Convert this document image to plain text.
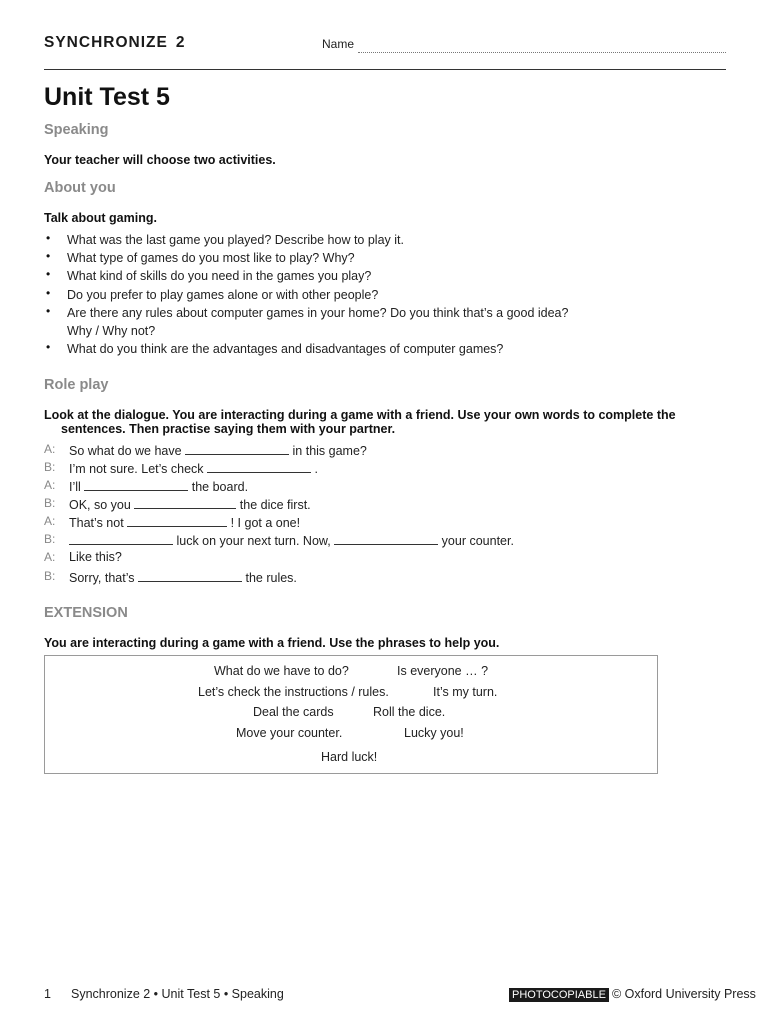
SYNCHRONIZE 2	Name
Unit Test 5
Speaking
Your teacher will choose two activities.
About you
Talk about gaming.
• What was the last game you played? Describe how to play it.
• What type of games do you most like to play? Why?
• What kind of skills do you need in the games you play?
• Do you prefer to play games alone or with other people?
• Are there any rules about computer games in your home? Do you think that’s a good idea?
Why / Why not?
• What do you think are the advantages and disadvantages of computer games?
Role play
Look at the dialogue. You are interacting during a game with a friend. Use your own words to complete the
sentences. Then practise saying them with your partner.
A: So what do we have	in this game?
B: I’m not sure. Let’s check	.
A: I’ll	the board.
B: OK, so you	the dice first.
A: That’s not	! I got a one!
B:	luck on your next turn. Now,	your counter.
A: Like this?
B: Sorry, that’s	the rules.
EXTENSION
You are interacting during a game with a friend. Use the phrases to help you.
What do we have to do?	Is everyone … ?
Let’s check the instructions / rules.	It’s my turn.
Deal the cards	Roll the dice.
Move your counter.	Lucky you!
Hard luck!
1 Synchronize 2 • Unit Test 5 • Speaking	PHOTOCOPIABLE © Oxford University Press
